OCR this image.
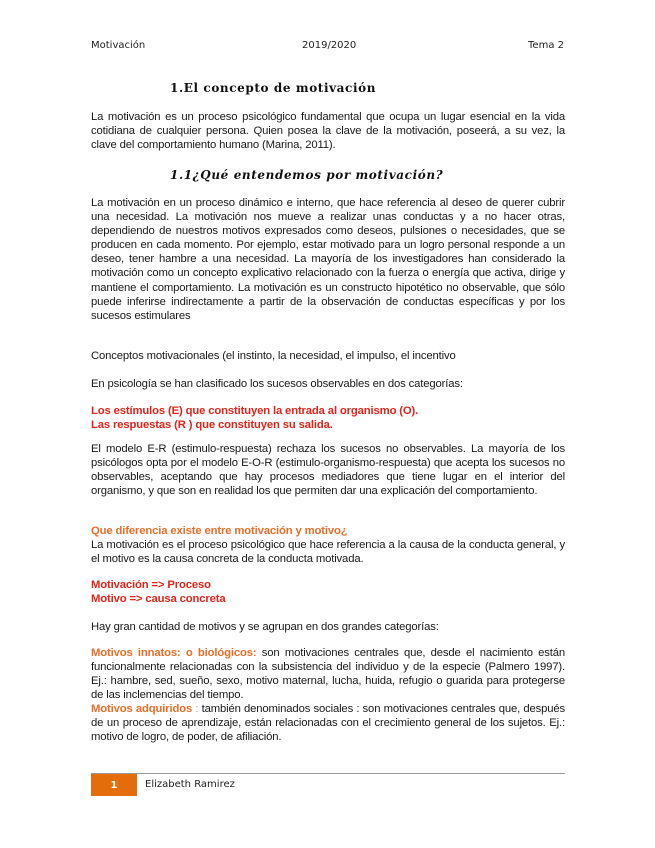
Motivación	2019/2020	Tema 2
1.El concepto de motivación

La motivación es un proceso psicológico fundamental que ocupa un lugar esencial en la vida cotidiana de cualquier persona. Quien posea la clave de la motivación, poseerá, a su vez, la clave del comportamiento humano (Marina, 2011).

1.1¿Qué entendemos por motivación?

La motivación en un proceso dinámico e interno, que hace referencia al deseo de querer cubrir una necesidad. La motivación nos mueve a realizar unas conductas y a no hacer otras, dependiendo de nuestros motivos expresados como deseos, pulsiones o necesidades, que se producen en cada momento. Por ejemplo, estar motivado para un logro personal responde a un deseo, tener hambre a una necesidad. La mayoría de los investigadores han considerado la motivación como un concepto explicativo relacionado con la fuerza o energía que activa, dirige y mantiene el comportamiento. La motivación es un constructo hipotético no observable, que sólo puede inferirse indirectamente a partir de la observación de conductas específicas y por los sucesos estimulares

Conceptos motivacionales (el instinto, la necesidad, el impulso, el incentivo

En psicología se han clasificado los sucesos observables en dos categorías:

Los estímulos (E) que constituyen la entrada al organismo (O).

Las respuestas (R ) que constituyen su salida.

El modelo E-R (estimulo-respuesta) rechaza los sucesos no observables. La mayoría de los psicólogos opta por el modelo E-O-R (estimulo-organismo-respuesta) que acepta los sucesos no observables, aceptando que hay procesos mediadores que tiene lugar en el interior del organismo, y que son en realidad los que permiten dar una explicación del comportamiento.

Que diferencia existe entre motivación y motivo¿

La motivación es el proceso psicológico que hace referencia a la causa de la conducta general, y el motivo es la causa concreta de la conducta motivada.

Motivación => Proceso

Motivo => causa concreta

Hay gran cantidad de motivos y se agrupan en dos grandes categorías:

Motivos innatos: o biológicos: son motivaciones centrales que, desde el nacimiento están funcionalmente relacionadas con la subsistencia del individuo y de la especie (Palmero 1997). Ej.: hambre, sed, sueño, sexo, motivo maternal, lucha, huida, refugio o guarida para protegerse de las inclemencias del tiempo.

Motivos adquiridos : también denominados sociales : son motivaciones centrales que, después de un proceso de aprendizaje, están relacionadas con el crecimiento general de los sujetos. Ej.: motivo de logro, de poder, de afiliación.

1	Elizabeth Ramirez
